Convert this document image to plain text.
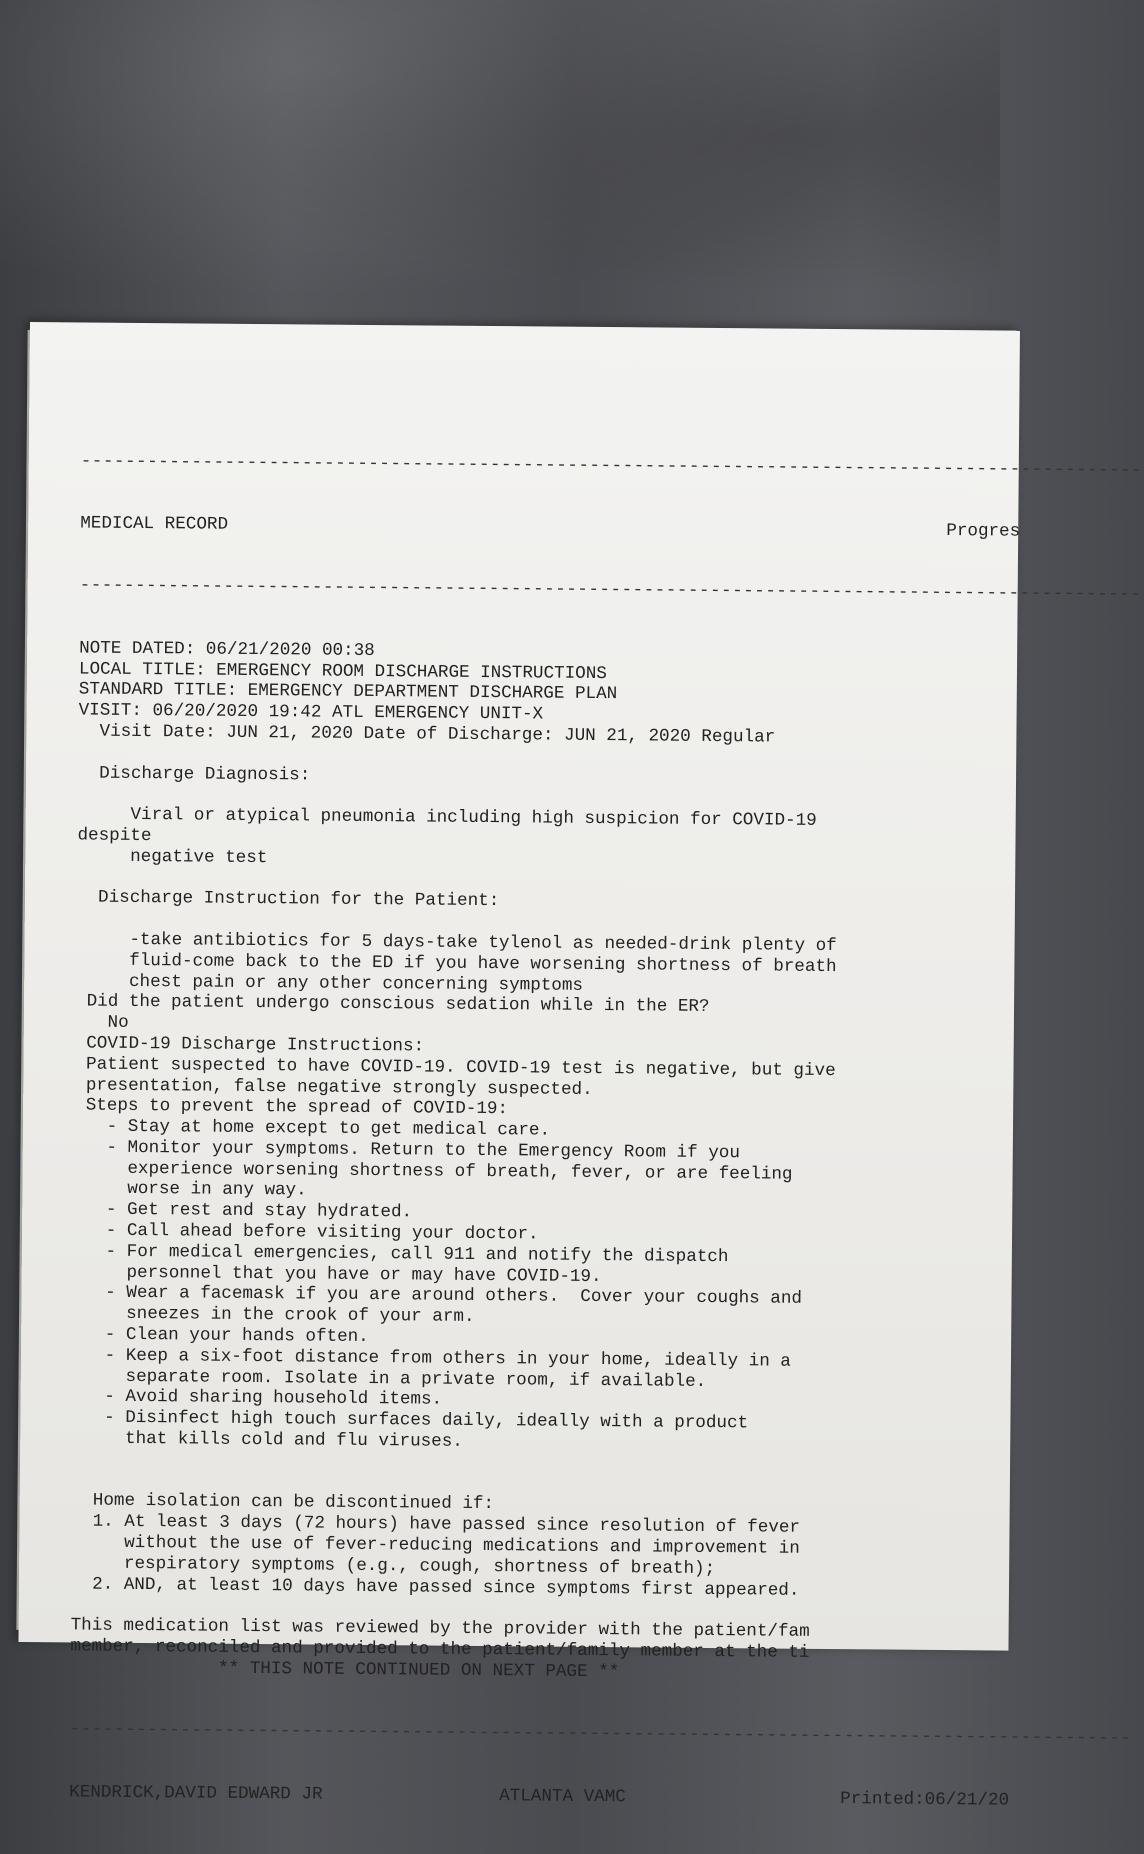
------------------------------------------------------------------------------------------------

MEDICAL RECORD	Progres

------------------------------------------------------------------------------------------------

NOTE DATED: 06/21/2020 00:38
LOCAL TITLE: EMERGENCY ROOM DISCHARGE INSTRUCTIONS
STANDARD TITLE: EMERGENCY DEPARTMENT DISCHARGE PLAN
VISIT: 06/20/2020 19:42 ATL EMERGENCY UNIT-X
Visit Date: JUN 21, 2020 Date of Discharge: JUN 21, 2020 Regular
Discharge Diagnosis:
Viral or atypical pneumonia including high suspicion for COVID-19
despite
negative test
Discharge Instruction for the Patient:
-take antibiotics for 5 days-take tylenol as needed-drink plenty of
fluid-come back to the ED if you have worsening shortness of breath
chest pain or any other concerning symptoms
Did the patient undergo conscious sedation while in the ER?
No
COVID-19 Discharge Instructions:
Patient suspected to have COVID-19. COVID-19 test is negative, but give
presentation, false negative strongly suspected.
Steps to prevent the spread of COVID-19:
- Stay at home except to get medical care.
- Monitor your symptoms. Return to the Emergency Room if you
experience worsening shortness of breath, fever, or are feeling
worse in any way.
- Get rest and stay hydrated.
- Call ahead before visiting your doctor.
- For medical emergencies, call 911 and notify the dispatch
personnel that you have or may have COVID-19.
- Wear a facemask if you are around others.  Cover your coughs and
sneezes in the crook of your arm.
- Clean your hands often.
- Keep a six-foot distance from others in your home, ideally in a
separate room. Isolate in a private room, if available.
- Avoid sharing household items.
- Disinfect high touch surfaces daily, ideally with a product
that kills cold and flu viruses.
Home isolation can be discontinued if:
1. At least 3 days (72 hours) have passed since resolution of fever
without the use of fever-reducing medications and improvement in
respiratory symptoms (e.g., cough, shortness of breath);
2. AND, at least 10 days have passed since symptoms first appeared.
This medication list was reviewed by the provider with the patient/fam
member, reconciled and provided to the patient/family member at the ti
** THIS NOTE CONTINUED ON NEXT PAGE **

------------------------------------------------------------------------------------------------

KENDRICK,DAVID EDWARD JR	ATLANTA VAMC	Printed:06/21/20
